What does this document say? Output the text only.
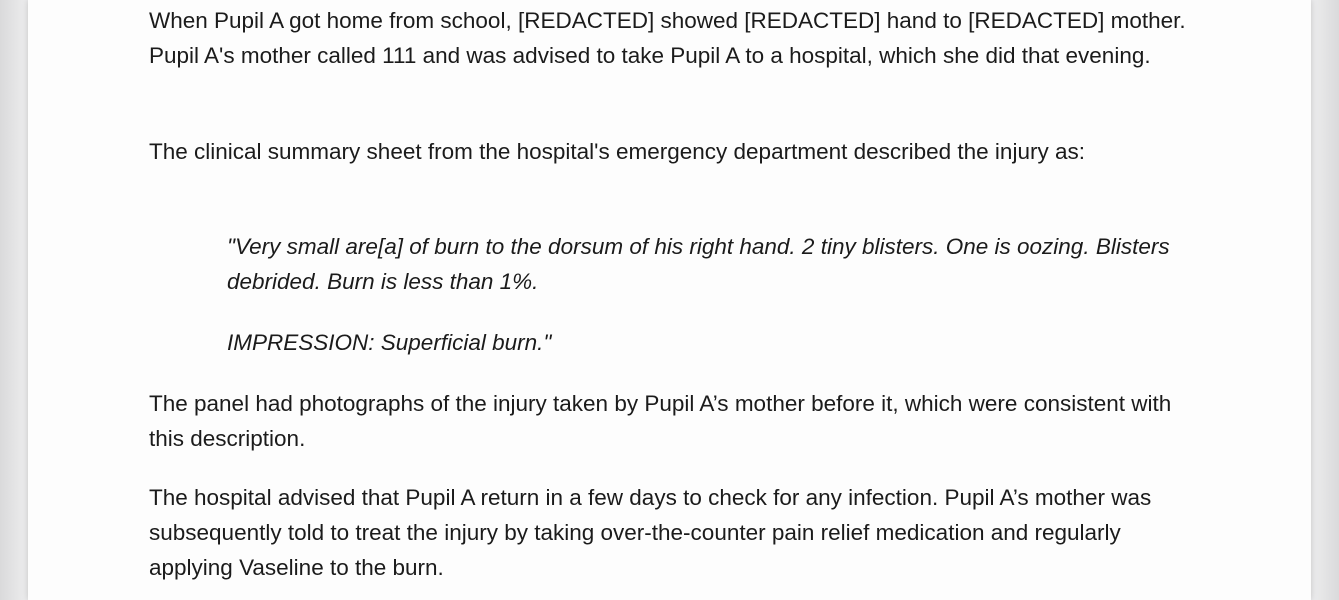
When Pupil A got home from school, [REDACTED] showed [REDACTED] hand to [REDACTED] mother. Pupil A's mother called 111 and was advised to take Pupil A to a hospital, which she did that evening.

The clinical summary sheet from the hospital's emergency department described the injury as:

"Very small are[a] of burn to the dorsum of his right hand. 2 tiny blisters. One is oozing. Blisters debrided. Burn is less than 1%.

IMPRESSION: Superficial burn."

The panel had photographs of the injury taken by Pupil A’s mother before it, which were consistent with this description.

The hospital advised that Pupil A return in a few days to check for any infection. Pupil A’s mother was subsequently told to treat the injury by taking over-the-counter pain relief medication and regularly applying Vaseline to the burn.
